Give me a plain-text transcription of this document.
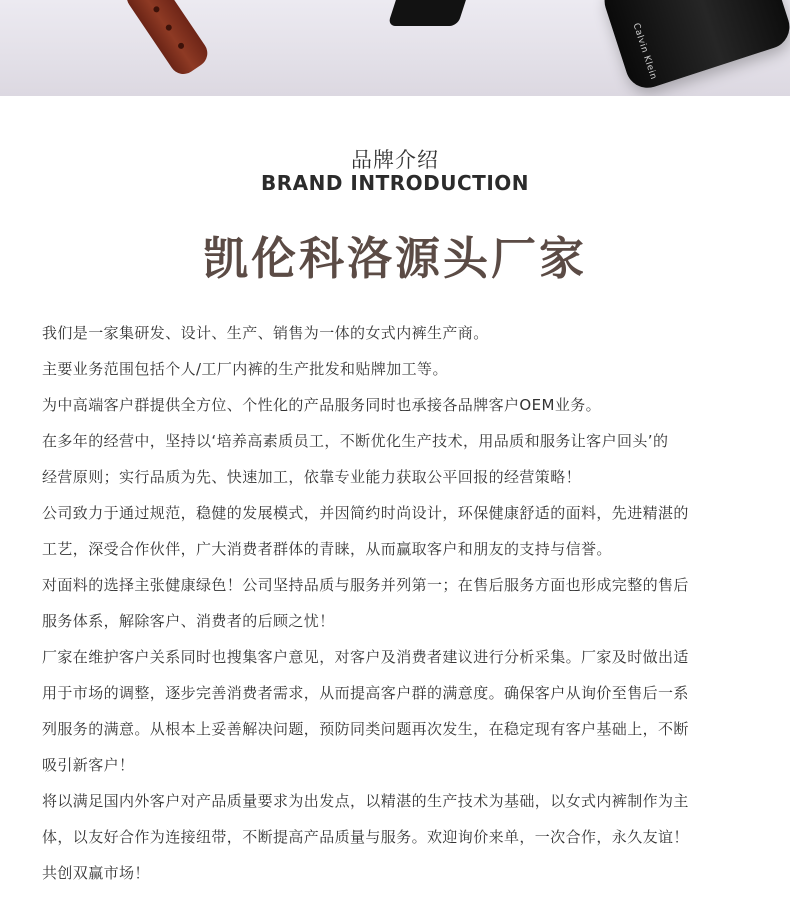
Calvin Klein
品牌介绍
BRAND INTRODUCTION
凯伦科洛源头厂家
我们是一家集研发、设计、生产、销售为一体的女式内裤生产商。
主要业务范围包括个人/工厂内裤的生产批发和贴牌加工等。
为中高端客户群提供全方位、个性化的产品服务同时也承接各品牌客户OEM业务。
在多年的经营中，坚持以‘培养高素质员工，不断优化生产技术，用品质和服务让客户回头’的
经营原则；实行品质为先、快速加工，依靠专业能力获取公平回报的经营策略！
公司致力于通过规范，稳健的发展模式，并因简约时尚设计，环保健康舒适的面料，先进精湛的
工艺，深受合作伙伴，广大消费者群体的青睐，从而赢取客户和朋友的支持与信誉。
对面料的选择主张健康绿色！公司坚持品质与服务并列第一；在售后服务方面也形成完整的售后
服务体系，解除客户、消费者的后顾之忧！
厂家在维护客户关系同时也搜集客户意见，对客户及消费者建议进行分析采集。厂家及时做出适
用于市场的调整，逐步完善消费者需求，从而提高客户群的满意度。确保客户从询价至售后一系
列服务的满意。从根本上妥善解决问题，预防同类问题再次发生，在稳定现有客户基础上，不断
吸引新客户！
将以满足国内外客户对产品质量要求为出发点，以精湛的生产技术为基础，以女式内裤制作为主
体，以友好合作为连接纽带，不断提高产品质量与服务。欢迎询价来单，一次合作，永久友谊！
共创双赢市场！
